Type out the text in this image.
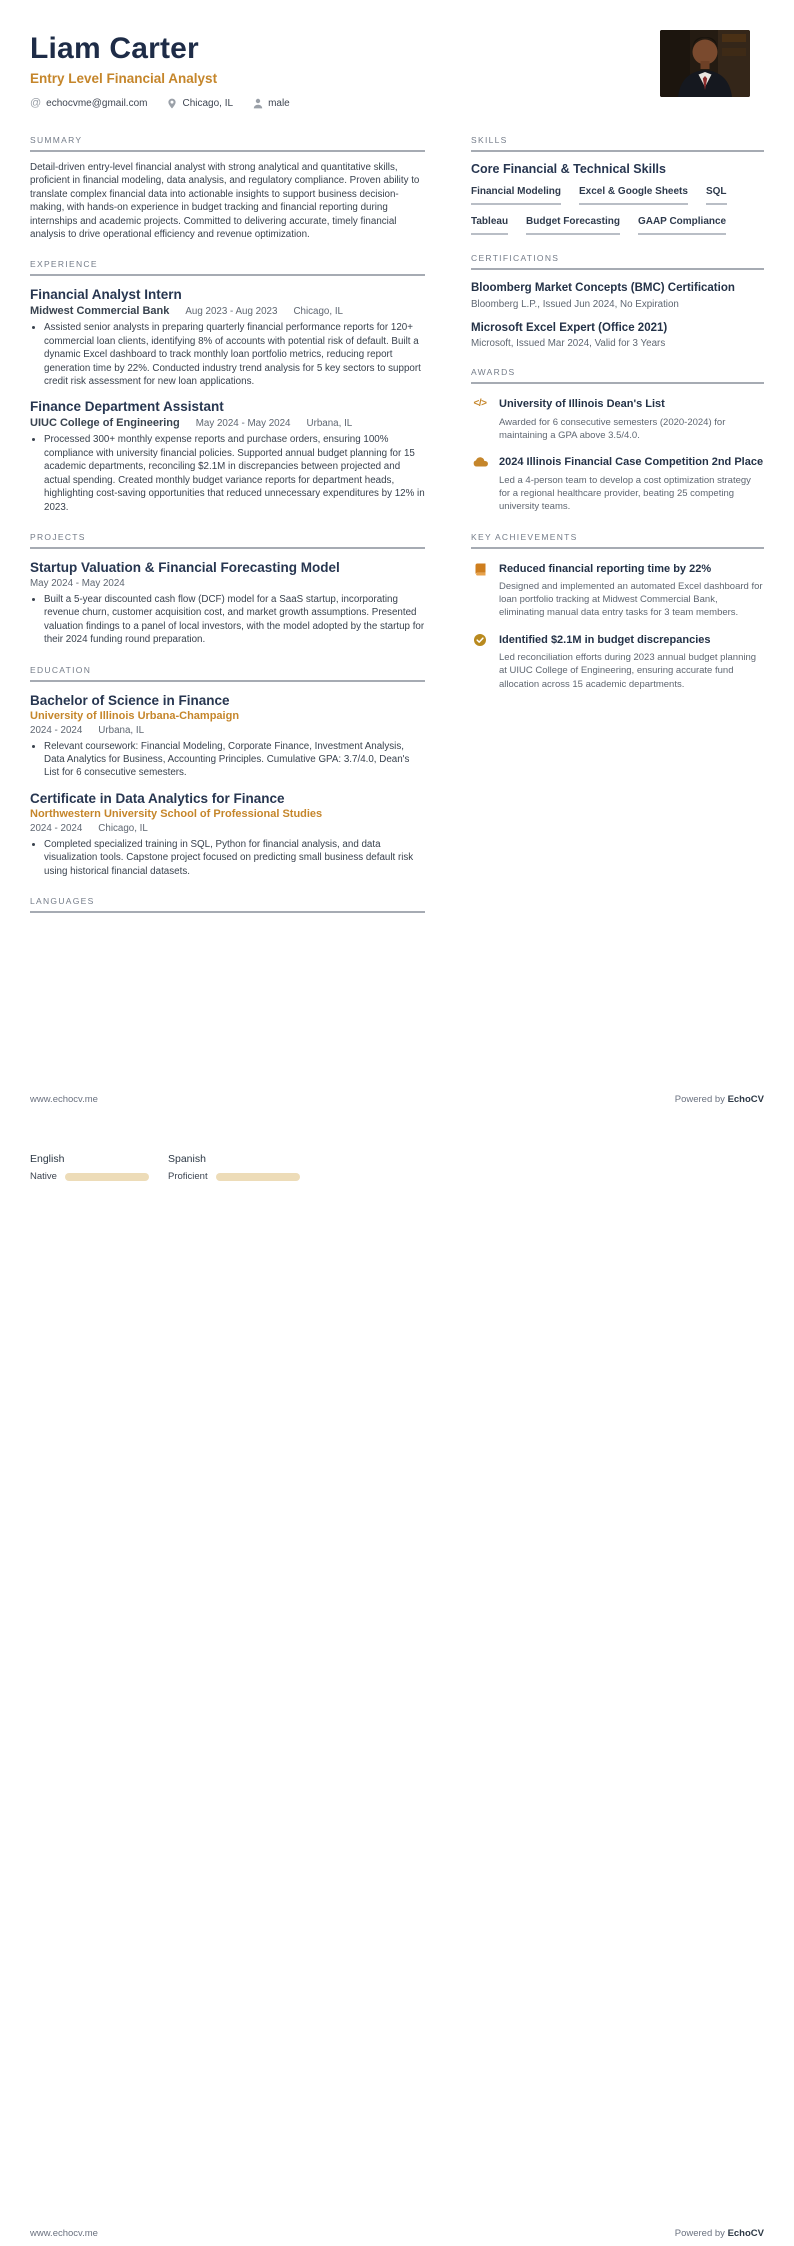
Liam Carter
Entry Level Financial Analyst
@ echocvme@gmail.com	Chicago, IL	male
SUMMARY
Detail-driven entry-level financial analyst with strong analytical and quantitative skills, proficient in financial modeling, data analysis, and regulatory compliance. Proven ability to translate complex financial data into actionable insights to support business decision-making, with hands-on experience in budget tracking and financial reporting during internships and academic projects. Committed to delivering accurate, timely financial analysis to drive operational efficiency and revenue optimization.
EXPERIENCE
Financial Analyst Intern
Midwest Commercial Bank Aug 2023 - Aug 2023 Chicago, IL
• Assisted senior analysts in preparing quarterly financial performance reports for 120+ commercial loan clients, identifying 8% of accounts with potential risk of default. Built a dynamic Excel dashboard to track monthly loan portfolio metrics, reducing report generation time by 22%. Conducted industry trend analysis for 5 key sectors to support credit risk assessment for new loan applications.
Finance Department Assistant
UIUC College of Engineering May 2024 - May 2024 Urbana, IL
• Processed 300+ monthly expense reports and purchase orders, ensuring 100% compliance with university financial policies. Supported annual budget planning for 15 academic departments, reconciling $2.1M in discrepancies between projected and actual spending. Created monthly budget variance reports for department heads, highlighting cost-saving opportunities that reduced unnecessary expenditures by 12% in 2023.
PROJECTS
Startup Valuation & Financial Forecasting Model
May 2024 - May 2024
• Built a 5-year discounted cash flow (DCF) model for a SaaS startup, incorporating revenue churn, customer acquisition cost, and market growth assumptions. Presented valuation findings to a panel of local investors, with the model adopted by the startup for their 2024 funding round preparation.
EDUCATION
Bachelor of Science in Finance
University of Illinois Urbana-Champaign
2024 - 2024 Urbana, IL
• Relevant coursework: Financial Modeling, Corporate Finance, Investment Analysis, Data Analytics for Business, Accounting Principles. Cumulative GPA: 3.7/4.0, Dean's List for 6 consecutive semesters.
Certificate in Data Analytics for Finance
Northwestern University School of Professional Studies
2024 - 2024 Chicago, IL
• Completed specialized training in SQL, Python for financial analysis, and data visualization tools. Capstone project focused on predicting small business default risk using historical financial datasets.
LANGUAGES
SKILLS
Core Financial & Technical Skills
Financial Modeling Excel & Google Sheets SQL
Tableau Budget Forecasting GAAP Compliance
CERTIFICATIONS
Bloomberg Market Concepts (BMC) Certification
Bloomberg L.P., Issued Jun 2024, No Expiration
Microsoft Excel Expert (Office 2021)
Microsoft, Issued Mar 2024, Valid for 3 Years
AWARDS
</> University of Illinois Dean's List
Awarded for 6 consecutive semesters (2020-2024) for maintaining a GPA above 3.5/4.0.
2024 Illinois Financial Case Competition 2nd Place
Led a 4-person team to develop a cost optimization strategy for a regional healthcare provider, beating 25 competing university teams.
KEY ACHIEVEMENTS
Reduced financial reporting time by 22%
Designed and implemented an automated Excel dashboard for loan portfolio tracking at Midwest Commercial Bank, eliminating manual data entry tasks for 3 team members.
Identified $2.1M in budget discrepancies
Led reconciliation efforts during 2023 annual budget planning at UIUC College of Engineering, ensuring accurate fund allocation across 15 academic departments.
www.echocv.me	Powered by EchoCV
English
Native
Spanish
Proficient
www.echocv.me	Powered by EchoCV
